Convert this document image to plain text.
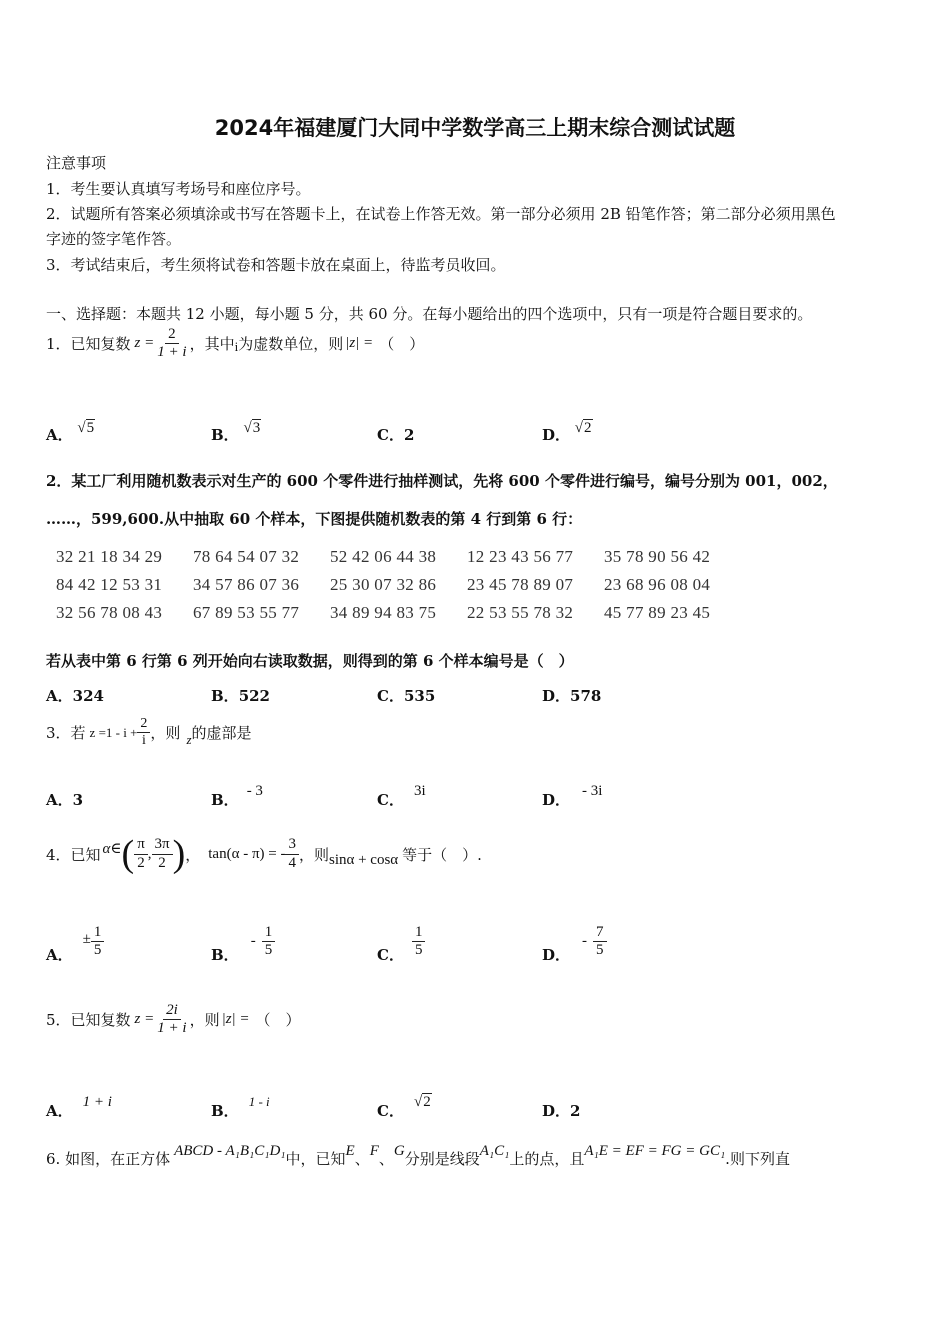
2024年福建厦门大同中学数学高三上期末综合测试试题
注意事项
1．考生要认真填写考场号和座位序号。
2．试题所有答案必须填涂或书写在答题卡上，在试卷上作答无效。第一部分必须用 2B 铅笔作答；第二部分必须用黑色
字迹的签字笔作答。
3．考试结束后，考生须将试卷和答题卡放在桌面上，待监考员收回。
一、选择题：本题共 12 小题，每小题 5 分，共 60 分。在每小题给出的四个选项中，只有一项是符合题目要求的。
1．已知复数 $z = \frac{2}{1 + i}$ ，其中 i 为虚数单位，则 |z| = （　）
A． √5	B． √3	C．2	D． √2
2．某工厂利用随机数表示对生产的 600 个零件进行抽样测试，先将 600 个零件进行编号，编号分别为 001，002，
……，599,600.从中抽取 60 个样本，下图提供随机数表的第 4 行到第 6 行：
32 21 18 34 29	78 64 54 07 32	52 42 06 44 38	12 23 43 56 77	35 78 90 56 42
84 42 12 53 31	34 57 86 07 36	25 30 07 32 86	23 45 78 89 07	23 68 96 08 04
32 56 78 08 43	67 89 53 55 77	34 89 94 83 75	22 53 55 78 32	45 77 89 23 45
若从表中第 6 行第 6 列开始向右读取数据，则得到的第 6 个样本编号是（　）
A．324	B．522	C．535	D．578
3．若 $z =1 - i + \frac{2}{i}$ ，则 z 的虚部是
A．3	B． - 3	C． 3i	D． - 3i
4．已知 α∈ ( $\frac{\pi}{2}$ , $\frac{3\pi}{2}$ ) ， tan(α - π) = - $\frac{3}{4}$ ，则 sinα + cosα 等于（　）.
A．
± $\frac{1}{5}$	B．
- $\frac{1}{5}$	C． $\frac{1}{5}$	D．
- $\frac{7}{5}$
5．已知复数 $z = \frac{2i}{1 + i}$ ，则 |z| = （　）
A． 1 + i	B．1 - i
C． √2	D．2
6. 如图，在正方体 ABCD - A₁B₁C₁D₁ 中，已知 E 、 F 、 G 分别是线段 A₁C₁ 上的点，且 A₁E = EF = FG = GC₁ .则下列直
